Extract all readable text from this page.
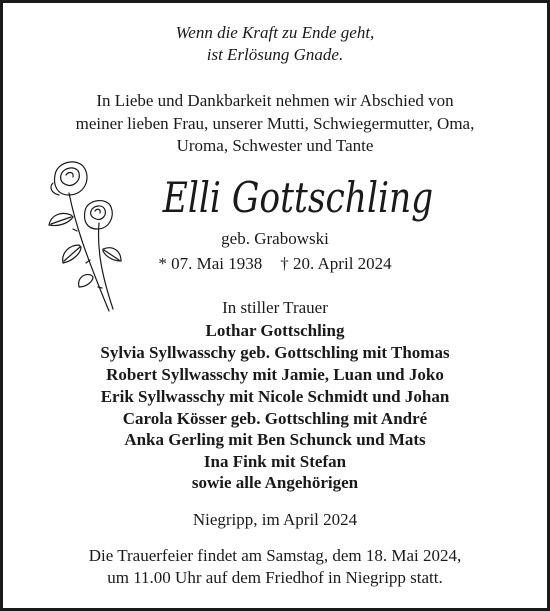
Wenn die Kraft zu Ende geht,
ist Erlösung Gnade.
In Liebe und Dankbarkeit nehmen wir Abschied von
meiner lieben Frau, unserer Mutti, Schwiegermutter, Oma,
Uroma, Schwester und Tante
Elli Gottschling
geb. Grabowski
* 07. Mai 1938 † 20. April 2024
In stiller Trauer
Lothar Gottschling
Sylvia Syllwasschy geb. Gottschling mit Thomas
Robert Syllwasschy mit Jamie, Luan und Joko
Erik Syllwasschy mit Nicole Schmidt und Johan
Carola Kösser geb. Gottschling mit André
Anka Gerling mit Ben Schunck und Mats
Ina Fink mit Stefan
sowie alle Angehörigen
Niegripp, im April 2024
Die Trauerfeier findet am Samstag, dem 18. Mai 2024,
um 11.00 Uhr auf dem Friedhof in Niegripp statt.
